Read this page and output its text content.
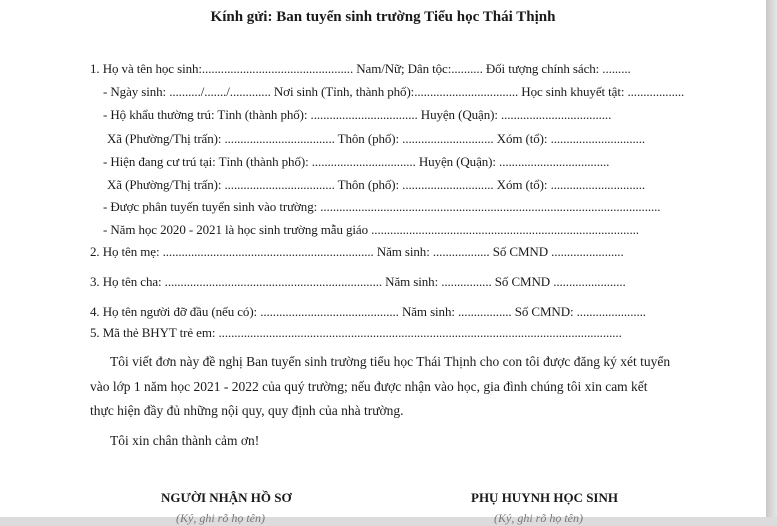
Kính gửi: Ban tuyển sinh trường Tiểu học Thái Thịnh
1. Họ và tên học sinh:................................................ Nam/Nữ; Dân tộc:.......... Đối tượng chính sách: .........
- Ngày sinh: ........../......./............. Nơi sinh (Tỉnh, thành phố):................................. Học sinh khuyết tật: ..................
- Hộ khẩu thường trú: Tỉnh (thành phố): .................................. Huyện (Quận): ...................................
Xã (Phường/Thị trấn): ................................... Thôn (phố): ............................. Xóm (tổ): ..............................
- Hiện đang cư trú tại: Tỉnh (thành phố): ................................. Huyện (Quận): ...................................
Xã (Phường/Thị trấn): ................................... Thôn (phố): ............................. Xóm (tổ): ..............................
- Được phân tuyến tuyển sinh vào trường: ............................................................................................................
- Năm học 2020 - 2021 là học sinh trường mẫu giáo .....................................................................................
2. Họ tên mẹ: ................................................................... Năm sinh: .................. Số CMND .......................
3. Họ tên cha: ..................................................................... Năm sinh: ................ Số CMND .......................
4. Họ tên người đỡ đầu (nếu có): ............................................ Năm sinh: ................. Số CMND: ......................
5. Mã thẻ BHYT trẻ em: ................................................................................................................................
Tôi viết đơn này đề nghị Ban tuyển sinh trường tiểu học Thái Thịnh cho con tôi được đăng ký xét tuyển
vào lớp 1 năm học 2021 - 2022 của quý trường; nếu được nhận vào học, gia đình chúng tôi xin cam kết
thực hiện đầy đủ những nội quy, quy định của nhà trường.
Tôi xin chân thành cảm ơn!
NGƯỜI NHẬN HỒ SƠ
(Ký, ghi rõ họ tên)
PHỤ HUYNH HỌC SINH
(Ký, ghi rõ họ tên)
